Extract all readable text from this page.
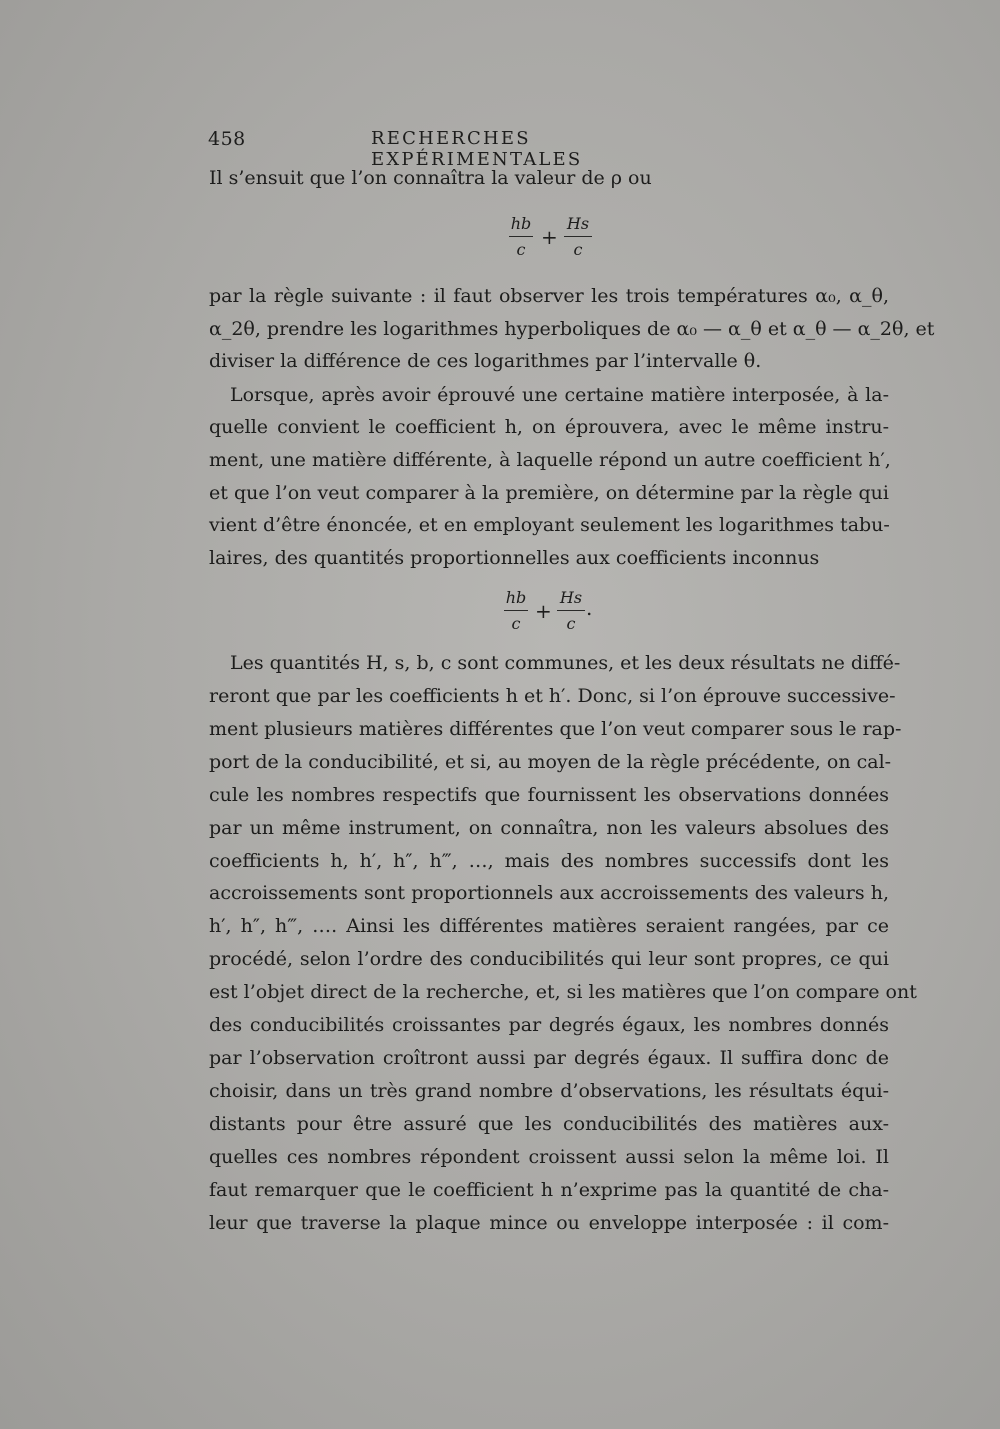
458	RECHERCHES EXPÉRIMENTALES
Il s’ensuit que l’on connaîtra la valeur de ρ ou
hb
c
+
Hs
c
par la règle suivante : il faut observer les trois températures α₀, α_θ,
α_2θ, prendre les logarithmes hyperboliques de α₀ — α_θ et α_θ — α_2θ, et
diviser la différence de ces logarithmes par l’intervalle θ.
Lorsque, après avoir éprouvé une certaine matière interposée, à la-
quelle convient le coefficient h, on éprouvera, avec le même instru-
ment, une matière différente, à laquelle répond un autre coefficient h′,
et que l’on veut comparer à la première, on détermine par la règle qui
vient d’être énoncée, et en employant seulement les logarithmes tabu-
laires, des quantités proportionnelles aux coefficients inconnus
hb
c
+
Hs
c
.
Les quantités H, s, b, c sont communes, et les deux résultats ne diffé-
reront que par les coefficients h et h′. Donc, si l’on éprouve successive-
ment plusieurs matières différentes que l’on veut comparer sous le rap-
port de la conducibilité, et si, au moyen de la règle précédente, on cal-
cule les nombres respectifs que fournissent les observations données
par un même instrument, on connaîtra, non les valeurs absolues des
coefficients h, h′, h″, h‴, …, mais des nombres successifs dont les
accroissements sont proportionnels aux accroissements des valeurs h,
h′, h″, h‴, …. Ainsi les différentes matières seraient rangées, par ce
procédé, selon l’ordre des conducibilités qui leur sont propres, ce qui
est l’objet direct de la recherche, et, si les matières que l’on compare ont
des conducibilités croissantes par degrés égaux, les nombres donnés
par l’observation croîtront aussi par degrés égaux. Il suffira donc de
choisir, dans un très grand nombre d’observations, les résultats équi-
distants pour être assuré que les conducibilités des matières aux-
quelles ces nombres répondent croissent aussi selon la même loi. Il
faut remarquer que le coefficient h n’exprime pas la quantité de cha-
leur que traverse la plaque mince ou enveloppe interposée : il com-
